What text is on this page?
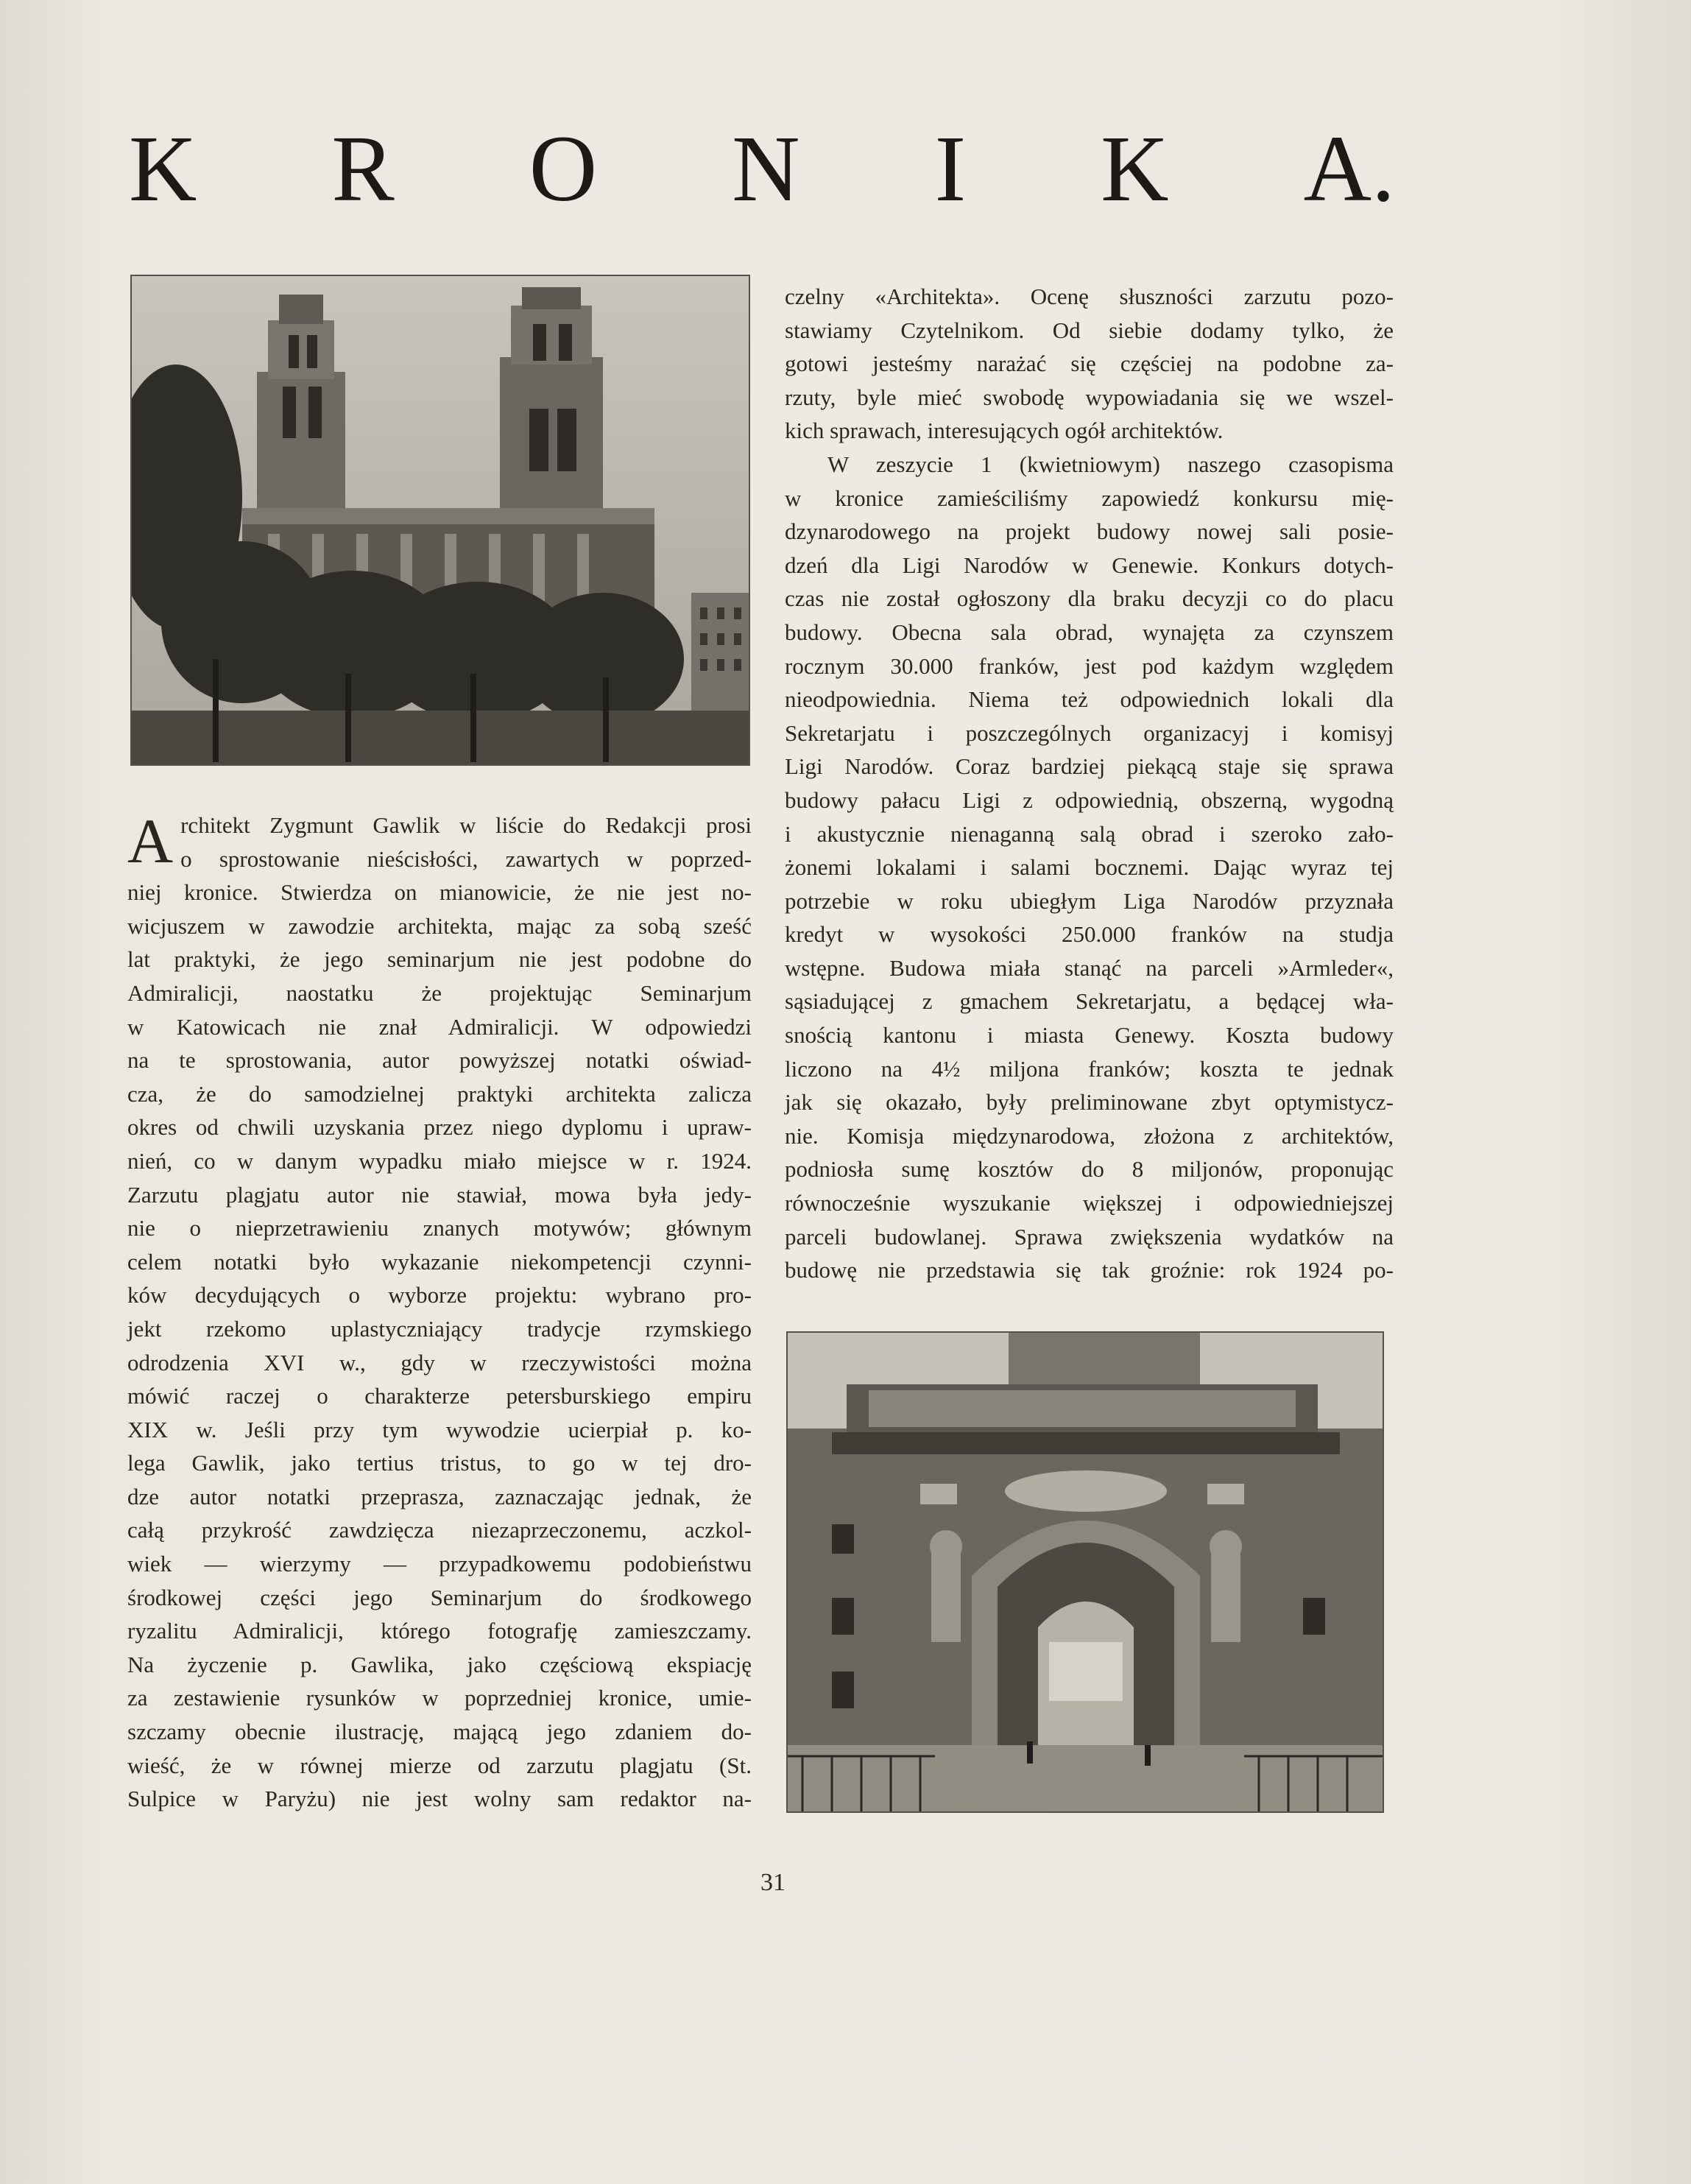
K R O N I K A.
A rchitekt Zygmunt Gawlik w liście do Redakcji prosi
o sprostowanie nieścisłości, zawartych w poprzed-
niej kronice. Stwierdza on mianowicie, że nie jest no-
wicjuszem w zawodzie architekta, mając za sobą sześć
lat praktyki, że jego seminarjum nie jest podobne do
Admiralicji, naostatku że projektując Seminarjum
w Katowicach nie znał Admiralicji. W odpowiedzi
na te sprostowania, autor powyższej notatki oświad-
cza, że do samodzielnej praktyki architekta zalicza
okres od chwili uzyskania przez niego dyplomu i upraw-
nień, co w danym wypadku miało miejsce w r. 1924.
Zarzutu plagjatu autor nie stawiał, mowa była jedy-
nie o nieprzetrawieniu znanych motywów; głównym
celem notatki było wykazanie niekompetencji czynni-
ków decydujących o wyborze projektu: wybrano pro-
jekt rzekomo uplastyczniający tradycje rzymskiego
odrodzenia XVI w., gdy w rzeczywistości można
mówić raczej o charakterze petersburskiego empiru
XIX w. Jeśli przy tym wywodzie ucierpiał p. ko-
lega Gawlik, jako tertius tristus, to go w tej dro-
dze autor notatki przeprasza, zaznaczając jednak, że
całą przykrość zawdzięcza niezaprzeczonemu, aczkol-
wiek — wierzymy — przypadkowemu podobieństwu
środkowej części jego Seminarjum do środkowego
ryzalitu Admiralicji, którego fotografję zamieszczamy.
Na życzenie p. Gawlika, jako częściową ekspiację
za zestawienie rysunków w poprzedniej kronice, umie-
szczamy obecnie ilustrację, mającą jego zdaniem do-
wieść, że w równej mierze od zarzutu plagjatu (St.
Sulpice w Paryżu) nie jest wolny sam redaktor na-
czelny «Architekta». Ocenę słuszności zarzutu pozo-
stawiamy Czytelnikom. Od siebie dodamy tylko, że
gotowi jesteśmy narażać się częściej na podobne za-
rzuty, byle mieć swobodę wypowiadania się we wszel-
kich sprawach, interesujących ogół architektów.
W zeszycie 1 (kwietniowym) naszego czasopisma
w kronice zamieściliśmy zapowiedź konkursu mię-
dzynarodowego na projekt budowy nowej sali posie-
dzeń dla Ligi Narodów w Genewie. Konkurs dotych-
czas nie został ogłoszony dla braku decyzji co do placu
budowy. Obecna sala obrad, wynajęta za czynszem
rocznym 30.000 franków, jest pod każdym względem
nieodpowiednia. Niema też odpowiednich lokali dla
Sekretarjatu i poszczególnych organizacyj i komisyj
Ligi Narodów. Coraz bardziej piekącą staje się sprawa
budowy pałacu Ligi z odpowiednią, obszerną, wygodną
i akustycznie nienaganną salą obrad i szeroko zało-
żonemi lokalami i salami bocznemi. Dając wyraz tej
potrzebie w roku ubiegłym Liga Narodów przyznała
kredyt w wysokości 250.000 franków na studja
wstępne. Budowa miała stanąć na parceli »Armleder«,
sąsiadującej z gmachem Sekretarjatu, a będącej wła-
snością kantonu i miasta Genewy. Koszta budowy
liczono na 4½ miljona franków; koszta te jednak
jak się okazało, były preliminowane zbyt optymistycz-
nie. Komisja międzynarodowa, złożona z architektów,
podniosła sumę kosztów do 8 miljonów, proponując
równocześnie wyszukanie większej i odpowiedniejszej
parceli budowlanej. Sprawa zwiększenia wydatków na
budowę nie przedstawia się tak groźnie: rok 1924 po-
31
